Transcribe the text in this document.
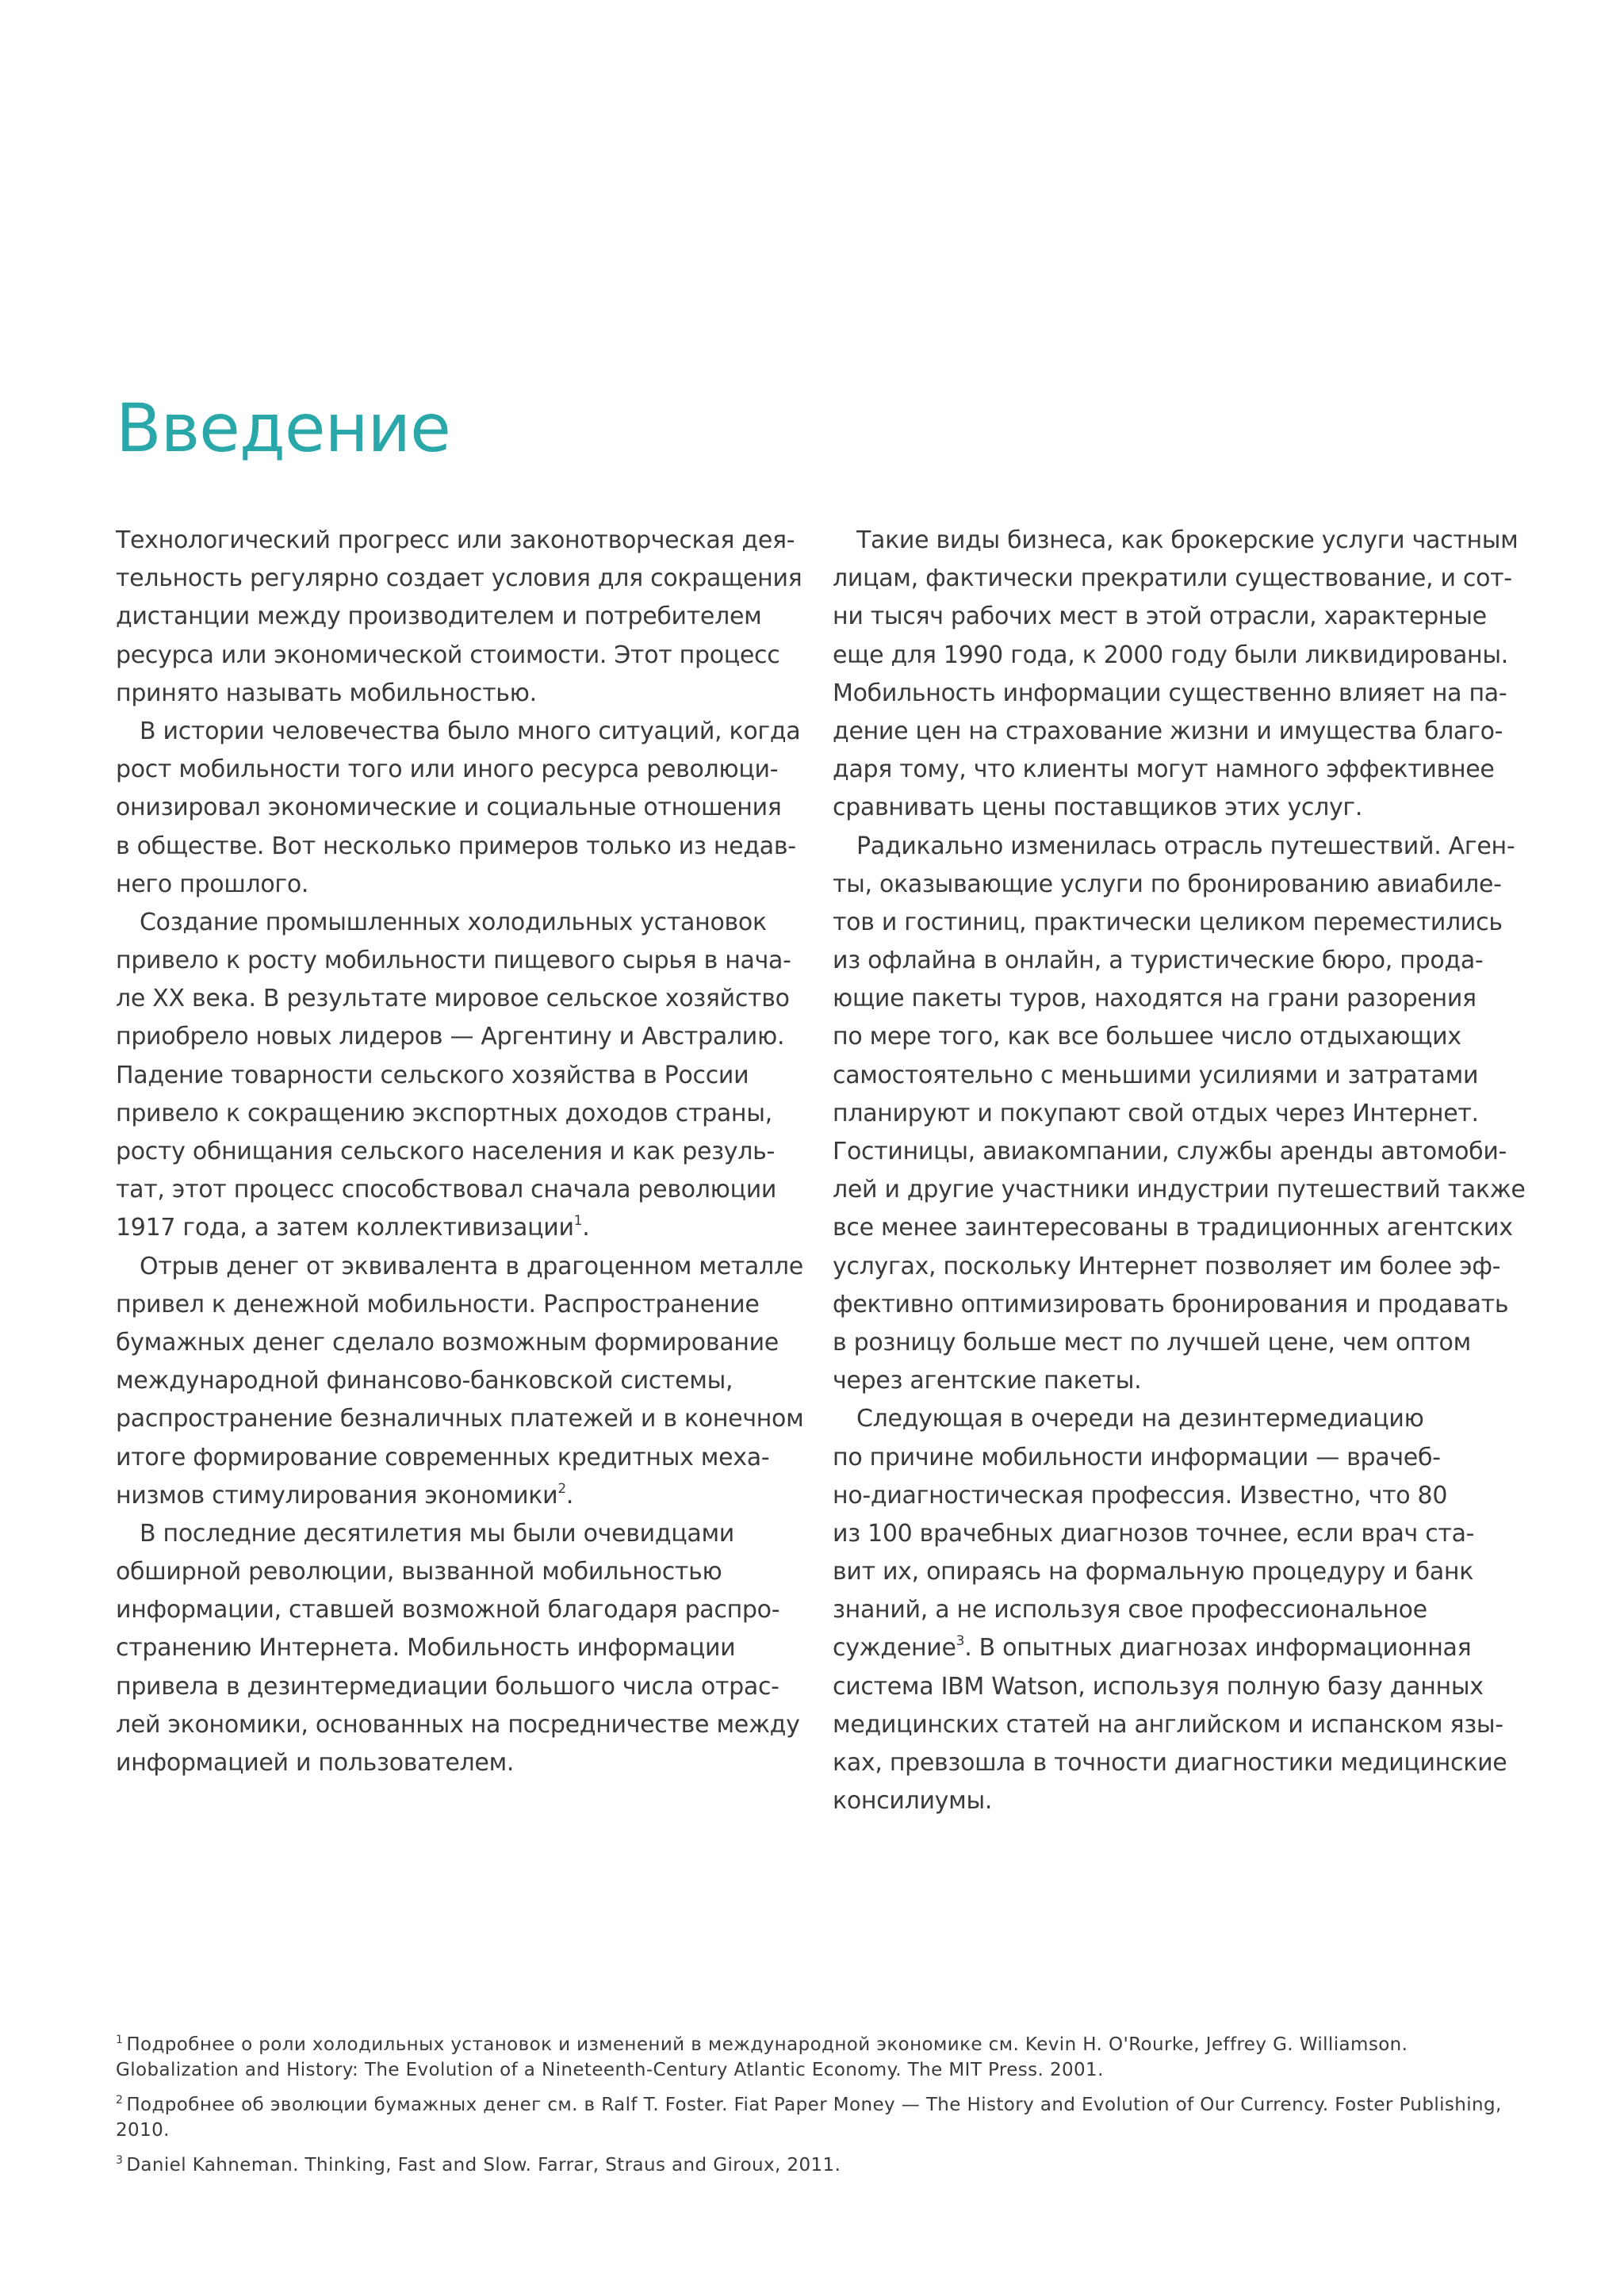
Введение
Технологический прогресс или законотворческая дея-
тельность регулярно создает условия для сокращения
дистанции между производителем и потребителем
ресурса или экономической стоимости. Этот процесс
принято называть мобильностью.
В истории человечества было много ситуаций, когда
рост мобильности того или иного ресурса революци-
онизировал экономические и социальные отношения
в обществе. Вот несколько примеров только из недав-
него прошлого.
Создание промышленных холодильных установок
привело к росту мобильности пищевого сырья в нача-
ле XX века. В результате мировое сельское хозяйство
приобрело новых лидеров — Аргентину и Австралию.
Падение товарности сельского хозяйства в России
привело к сокращению экспортных доходов страны,
росту обнищания сельского населения и как резуль-
тат, этот процесс способствовал сначала революции
1917 года, а затем коллективизации$^1$.
Отрыв денег от эквивалента в драгоценном металле
привел к денежной мобильности. Распространение
бумажных денег сделало возможным формирование
международной финансово-банковской системы,
распространение безналичных платежей и в конечном
итоге формирование современных кредитных меха-
низмов стимулирования экономики$^2$.
В последние десятилетия мы были очевидцами
обширной революции, вызванной мобильностью
информации, ставшей возможной благодаря распро-
странению Интернета. Мобильность информации
привела в дезинтермедиации большого числа отрас-
лей экономики, основанных на посредничестве между
информацией и пользователем.
Такие виды бизнеса, как брокерские услуги частным
лицам, фактически прекратили существование, и сот-
ни тысяч рабочих мест в этой отрасли, характерные
еще для 1990 года, к 2000 году были ликвидированы.
Мобильность информации существенно влияет на па-
дение цен на страхование жизни и имущества благо-
даря тому, что клиенты могут намного эффективнее
сравнивать цены поставщиков этих услуг.
Радикально изменилась отрасль путешествий. Аген-
ты, оказывающие услуги по бронированию авиабиле-
тов и гостиниц, практически целиком переместились
из офлайна в онлайн, а туристические бюро, прода-
ющие пакеты туров, находятся на грани разорения
по мере того, как все большее число отдыхающих
самостоятельно с меньшими усилиями и затратами
планируют и покупают свой отдых через Интернет.
Гостиницы, авиакомпании, службы аренды автомоби-
лей и другие участники индустрии путешествий также
все менее заинтересованы в традиционных агентских
услугах, поскольку Интернет позволяет им более эф-
фективно оптимизировать бронирования и продавать
в розницу больше мест по лучшей цене, чем оптом
через агентские пакеты.
Следующая в очереди на дезинтермедиацию
по причине мобильности информации — врачеб-
но-диагностическая профессия. Известно, что 80
из 100 врачебных диагнозов точнее, если врач ста-
вит их, опираясь на формальную процедуру и банк
знаний, а не используя свое профессиональное
суждение$^3$. В опытных диагнозах информационная
система IBM Watson, используя полную базу данных
медицинских статей на английском и испанском язы-
ках, превзошла в точности диагностики медицинские
консилиумы.
$^1$ Подробнее о роли холодильных установок и изменений в международной экономике см. Kevin H. O'Rourke, Jeffrey G. Williamson. Globalization and History: The Evolution of a Nineteenth-Century Atlantic Economy. The MIT Press. 2001.
$^2$ Подробнее об эволюции бумажных денег см. в Ralf T. Foster. Fiat Paper Money — The History and Evolution of Our Currency. Foster Publishing, 2010.
$^3$ Daniel Kahneman. Thinking, Fast and Slow. Farrar, Straus and Giroux, 2011.
